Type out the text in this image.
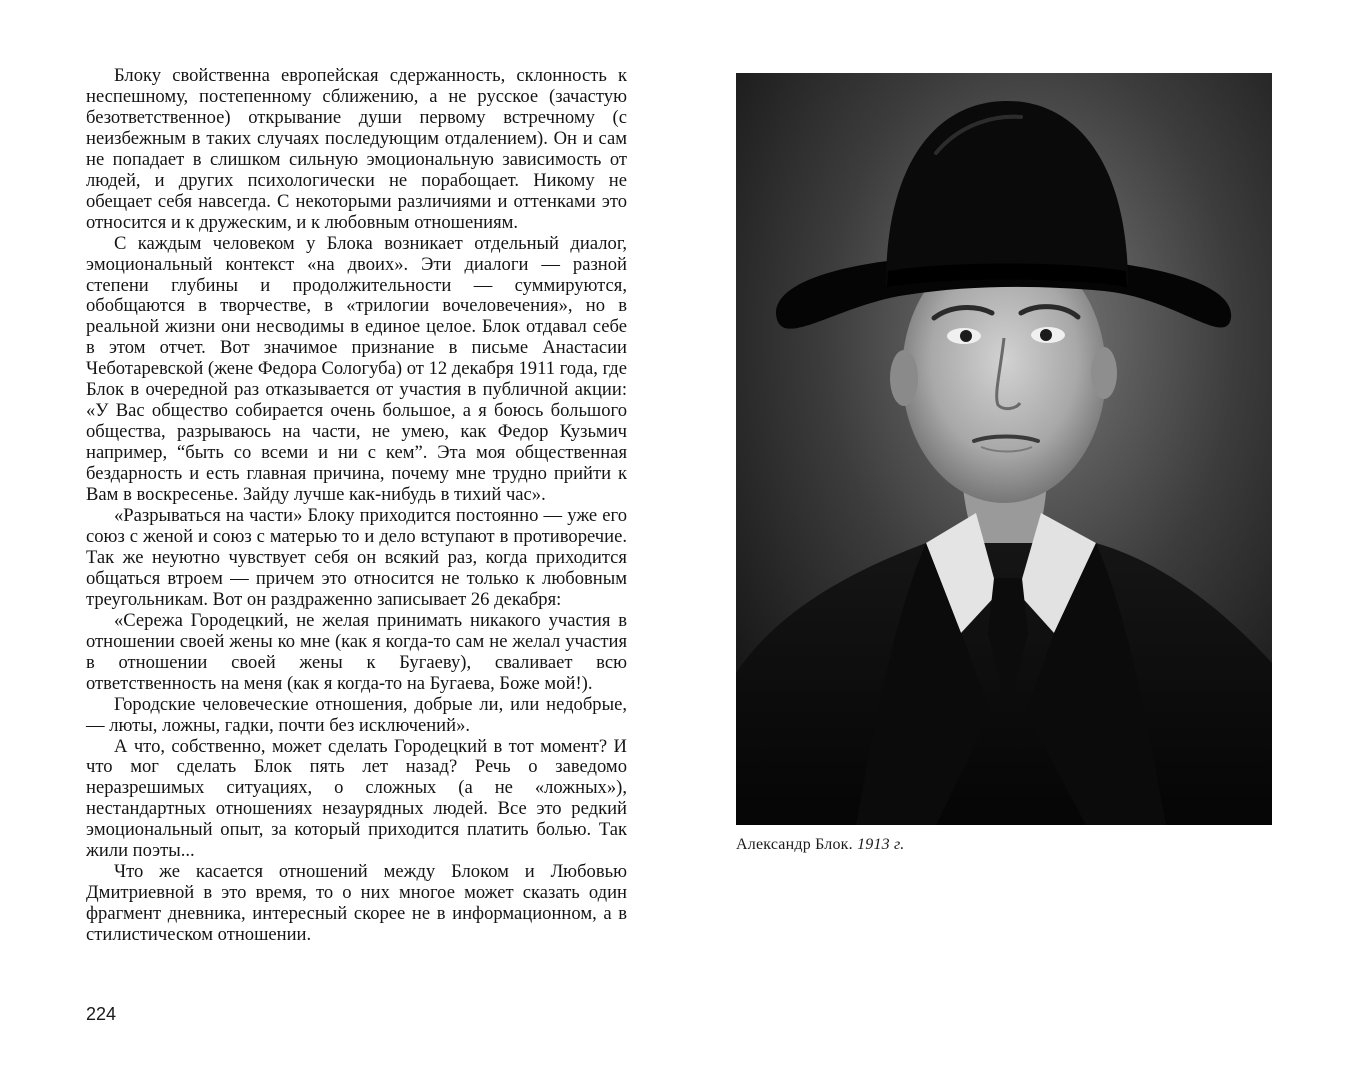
Блоку свойственна европейская сдержанность, склонность к неспешному, постепенному сближению, а не русское (зачастую безответственное) открывание души первому встречному (с неизбежным в таких случаях последующим отдалением). Он и сам не попадает в слишком сильную эмоциональную зависимость от людей, и других психологически не порабощает. Никому не обещает себя навсегда. С некоторыми различиями и оттенками это относится и к дружеским, и к любовным отношениям.

С каждым человеком у Блока возникает отдельный диалог, эмоциональный контекст «на двоих». Эти диалоги — разной степени глубины и продолжительности — суммируются, обобщаются в творчестве, в «трилогии вочеловечения», но в реальной жизни они несводимы в единое целое. Блок отдавал себе в этом отчет. Вот значимое признание в письме Анастасии Чеботаревской (жене Федора Сологуба) от 12 декабря 1911 года, где Блок в очередной раз отказывается от участия в публичной акции: «У Вас общество собирается очень большое, а я боюсь большого общества, разрываюсь на части, не умею, как Федор Кузьмич например, “быть со всеми и ни с кем”. Эта моя общественная бездарность и есть главная причина, почему мне трудно прийти к Вам в воскресенье. Зайду лучше как-нибудь в тихий час».

«Разрываться на части» Блоку приходится постоянно — уже его союз с женой и союз с матерью то и дело вступают в противоречие. Так же неуютно чувствует себя он всякий раз, когда приходится общаться втроем — причем это относится не только к любовным треугольникам. Вот он раздраженно записывает 26 декабря:

«Сережа Городецкий, не желая принимать никакого участия в отношении своей жены ко мне (как я когда-то сам не желал участия в отношении своей жены к Бугаеву), сваливает всю ответственность на меня (как я когда-то на Бугаева, Боже мой!).

Городские человеческие отношения, добрые ли, или недобрые, — люты, ложны, гадки, почти без исключений».

А что, собственно, может сделать Городецкий в тот момент? И что мог сделать Блок пять лет назад? Речь о заведомо неразрешимых ситуациях, о сложных (а не «ложных»), нестандартных отношениях незаурядных людей. Все это редкий эмоциональный опыт, за который приходится платить болью. Так жили поэты...

Что же касается отношений между Блоком и Любовью Дмитриевной в это время, то о них многое может сказать один фрагмент дневника, интересный скорее не в информационном, а в стилистическом отношении.

224
Александр Блок. 1913 г.
